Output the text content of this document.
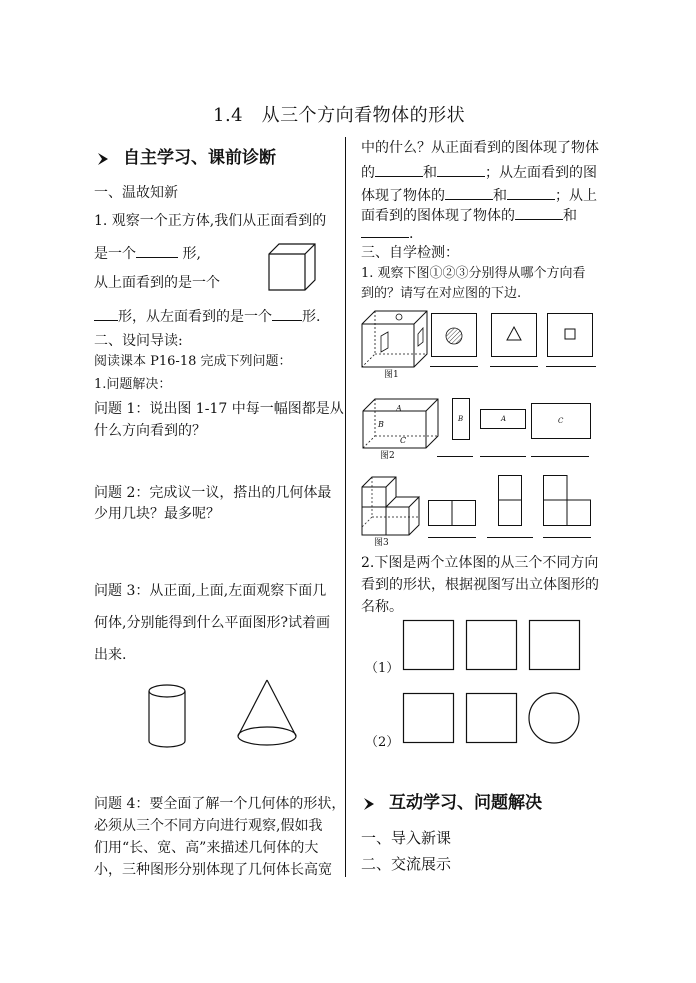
1.4　从三个方向看物体的形状
自主学习、课前诊断
一、温故知新
1. 观察一个正方体,我们从正面看到的
是一个	形,
从上面看到的是一个
形，从左面看到的是一个 形.
二、设问导读:
阅读课本 P16-18 完成下列问题：
1.问题解决：
问题 1：说出图 1-17 中每一幅图都是从
什么方向看到的？
问题 2：完成议一议，搭出的几何体最
少用几块？最多呢？
问题 3：从正面,上面,左面观察下面几
何体,分别能得到什么平面图形?试着画
出来.
问题 4：要全面了解一个几何体的形状，
必须从三个不同方向进行观察,假如我
们用“长、宽、高”来描述几何体的大
小，三种图形分别体现了几何体长高宽
中的什么？从正面看到的图体现了物体
的	和	；从左面看到的图
体现了物体的	和	；从上
面看到的图体现了物体的	和
.
三、自学检测：
1. 观察下图①②③分别得从哪个方向看
到的？请写在对应图的下边.
图1
A
B
C
图2
B	A	C
图3
2.下图是两个立体图的从三个不同方向
看到的形状，根据视图写出立体图形的
名称。
（1）
（2）
互动学习、问题解决
一、导入新课
二、交流展示
